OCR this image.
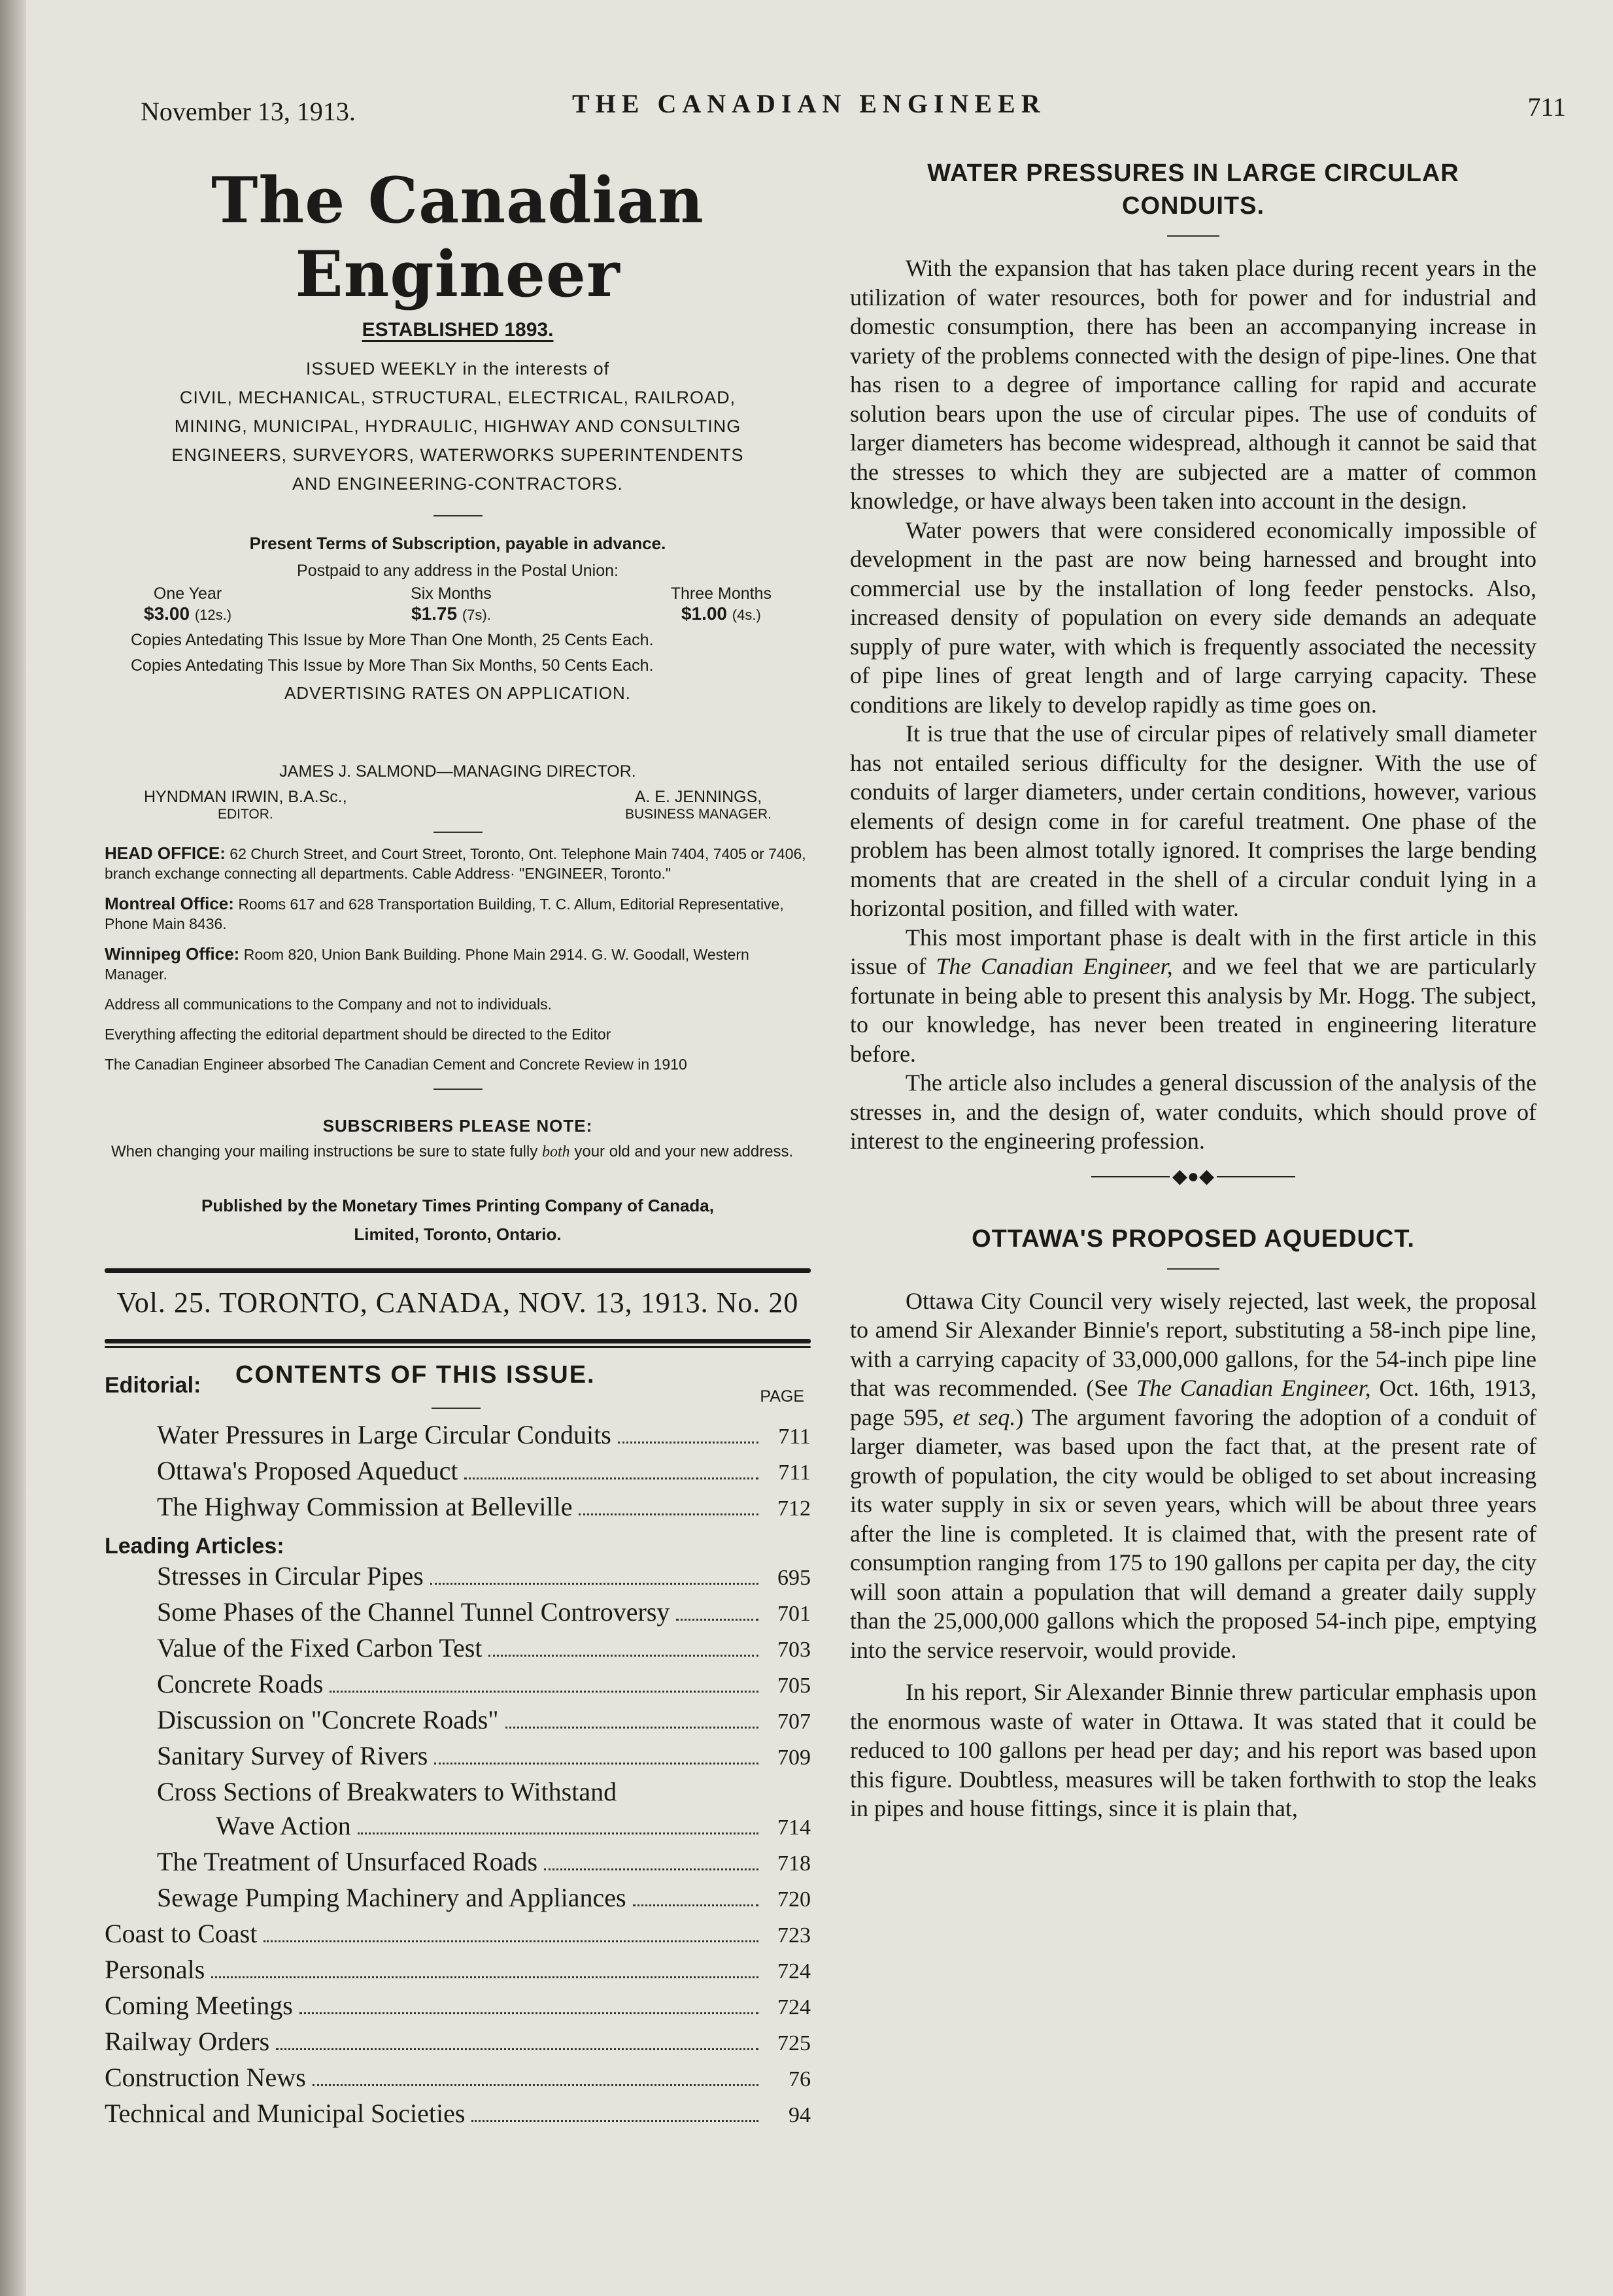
November 13, 1913.	THE CANADIAN ENGINEER	711
The Canadian Engineer
ESTABLISHED 1893.
ISSUED WEEKLY in the interests of
CIVIL, MECHANICAL, STRUCTURAL, ELECTRICAL, RAILROAD,
MINING, MUNICIPAL, HYDRAULIC, HIGHWAY AND CONSULTING
ENGINEERS, SURVEYORS, WATERWORKS SUPERINTENDENTS
AND ENGINEERING-CONTRACTORS.
Present Terms of Subscription, payable in advance.
Postpaid to any address in the Postal Union:
One Year
$3.00 (12s.)
Six Months
$1.75 (7s).
Three Months
$1.00 (4s.)
Copies Antedating This Issue by More Than One Month, 25 Cents Each.
Copies Antedating This Issue by More Than Six Months, 50 Cents Each.
ADVERTISING RATES ON APPLICATION.
JAMES J. SALMOND—MANAGING DIRECTOR.
HYNDMAN IRWIN, B.A.Sc.,
EDITOR.
A. E. JENNINGS,
BUSINESS MANAGER.
HEAD OFFICE: 62 Church Street, and Court Street, Toronto, Ont. Telephone Main 7404, 7405 or 7406, branch exchange connecting all departments. Cable Address· "ENGINEER, Toronto."
Montreal Office: Rooms 617 and 628 Transportation Building, T. C. Allum, Editorial Representative, Phone Main 8436.
Winnipeg Office: Room 820, Union Bank Building. Phone Main 2914. G. W. Goodall, Western Manager.
Address all communications to the Company and not to individuals.
Everything affecting the editorial department should be directed to the Editor
The Canadian Engineer absorbed The Canadian Cement and Concrete Review in 1910
SUBSCRIBERS PLEASE NOTE:
When changing your mailing instructions be sure to state fully both your old and your new address.
Published by the Monetary Times Printing Company of Canada,
Limited, Toronto, Ontario.
Vol. 25. TORONTO, CANADA, NOV. 13, 1913. No. 20
Editorial:	CONTENTS OF THIS ISSUE.
PAGE
Water Pressures in Large Circular Conduits	711
Ottawa's Proposed Aqueduct	711
The Highway Commission at Belleville	712
Leading Articles:
Stresses in Circular Pipes	695
Some Phases of the Channel Tunnel Controversy	701
Value of the Fixed Carbon Test	703
Concrete Roads	705
Discussion on "Concrete Roads"	707
Sanitary Survey of Rivers	709
Cross Sections of Breakwaters to Withstand
Wave Action	714
The Treatment of Unsurfaced Roads	718
Sewage Pumping Machinery and Appliances	720
Coast to Coast	723
Personals	724
Coming Meetings	724
Railway Orders	725
Construction News	76
Technical and Municipal Societies	94
WATER PRESSURES IN LARGE CIRCULAR CONDUITS.

With the expansion that has taken place during recent years in the utilization of water resources, both for power and for industrial and domestic consumption, there has been an accompanying increase in variety of the problems connected with the design of pipe-lines. One that has risen to a degree of importance calling for rapid and accurate solution bears upon the use of circular pipes. The use of conduits of larger diameters has become widespread, although it cannot be said that the stresses to which they are subjected are a matter of common knowledge, or have always been taken into account in the design.

Water powers that were considered economically impossible of development in the past are now being harnessed and brought into commercial use by the installation of long feeder penstocks. Also, increased density of population on every side demands an adequate supply of pure water, with which is frequently associated the necessity of pipe lines of great length and of large carrying capacity. These conditions are likely to develop rapidly as time goes on.

It is true that the use of circular pipes of relatively small diameter has not entailed serious difficulty for the designer. With the use of conduits of larger diameters, under certain conditions, however, various elements of design come in for careful treatment. One phase of the problem has been almost totally ignored. It comprises the large bending moments that are created in the shell of a circular conduit lying in a horizontal position, and filled with water.

This most important phase is dealt with in the first article in this issue of The Canadian Engineer, and we feel that we are particularly fortunate in being able to present this analysis by Mr. Hogg. The subject, to our knowledge, has never been treated in engineering literature before.

The article also includes a general discussion of the analysis of the stresses in, and the design of, water conduits, which should prove of interest to the engineering profession.

◆●◆
OTTAWA'S PROPOSED AQUEDUCT.

Ottawa City Council very wisely rejected, last week, the proposal to amend Sir Alexander Binnie's report, substituting a 58-inch pipe line, with a carrying capacity of 33,000,000 gallons, for the 54-inch pipe line that was recommended. (See The Canadian Engineer, Oct. 16th, 1913, page 595, et seq.) The argument favoring the adoption of a conduit of larger diameter, was based upon the fact that, at the present rate of growth of population, the city would be obliged to set about increasing its water supply in six or seven years, which will be about three years after the line is completed. It is claimed that, with the present rate of consumption ranging from 175 to 190 gallons per capita per day, the city will soon attain a population that will demand a greater daily supply than the 25,000,000 gallons which the proposed 54-inch pipe, emptying into the service reservoir, would provide.

In his report, Sir Alexander Binnie threw particular emphasis upon the enormous waste of water in Ottawa. It was stated that it could be reduced to 100 gallons per head per day; and his report was based upon this figure. Doubtless, measures will be taken forthwith to stop the leaks in pipes and house fittings, since it is plain that,
